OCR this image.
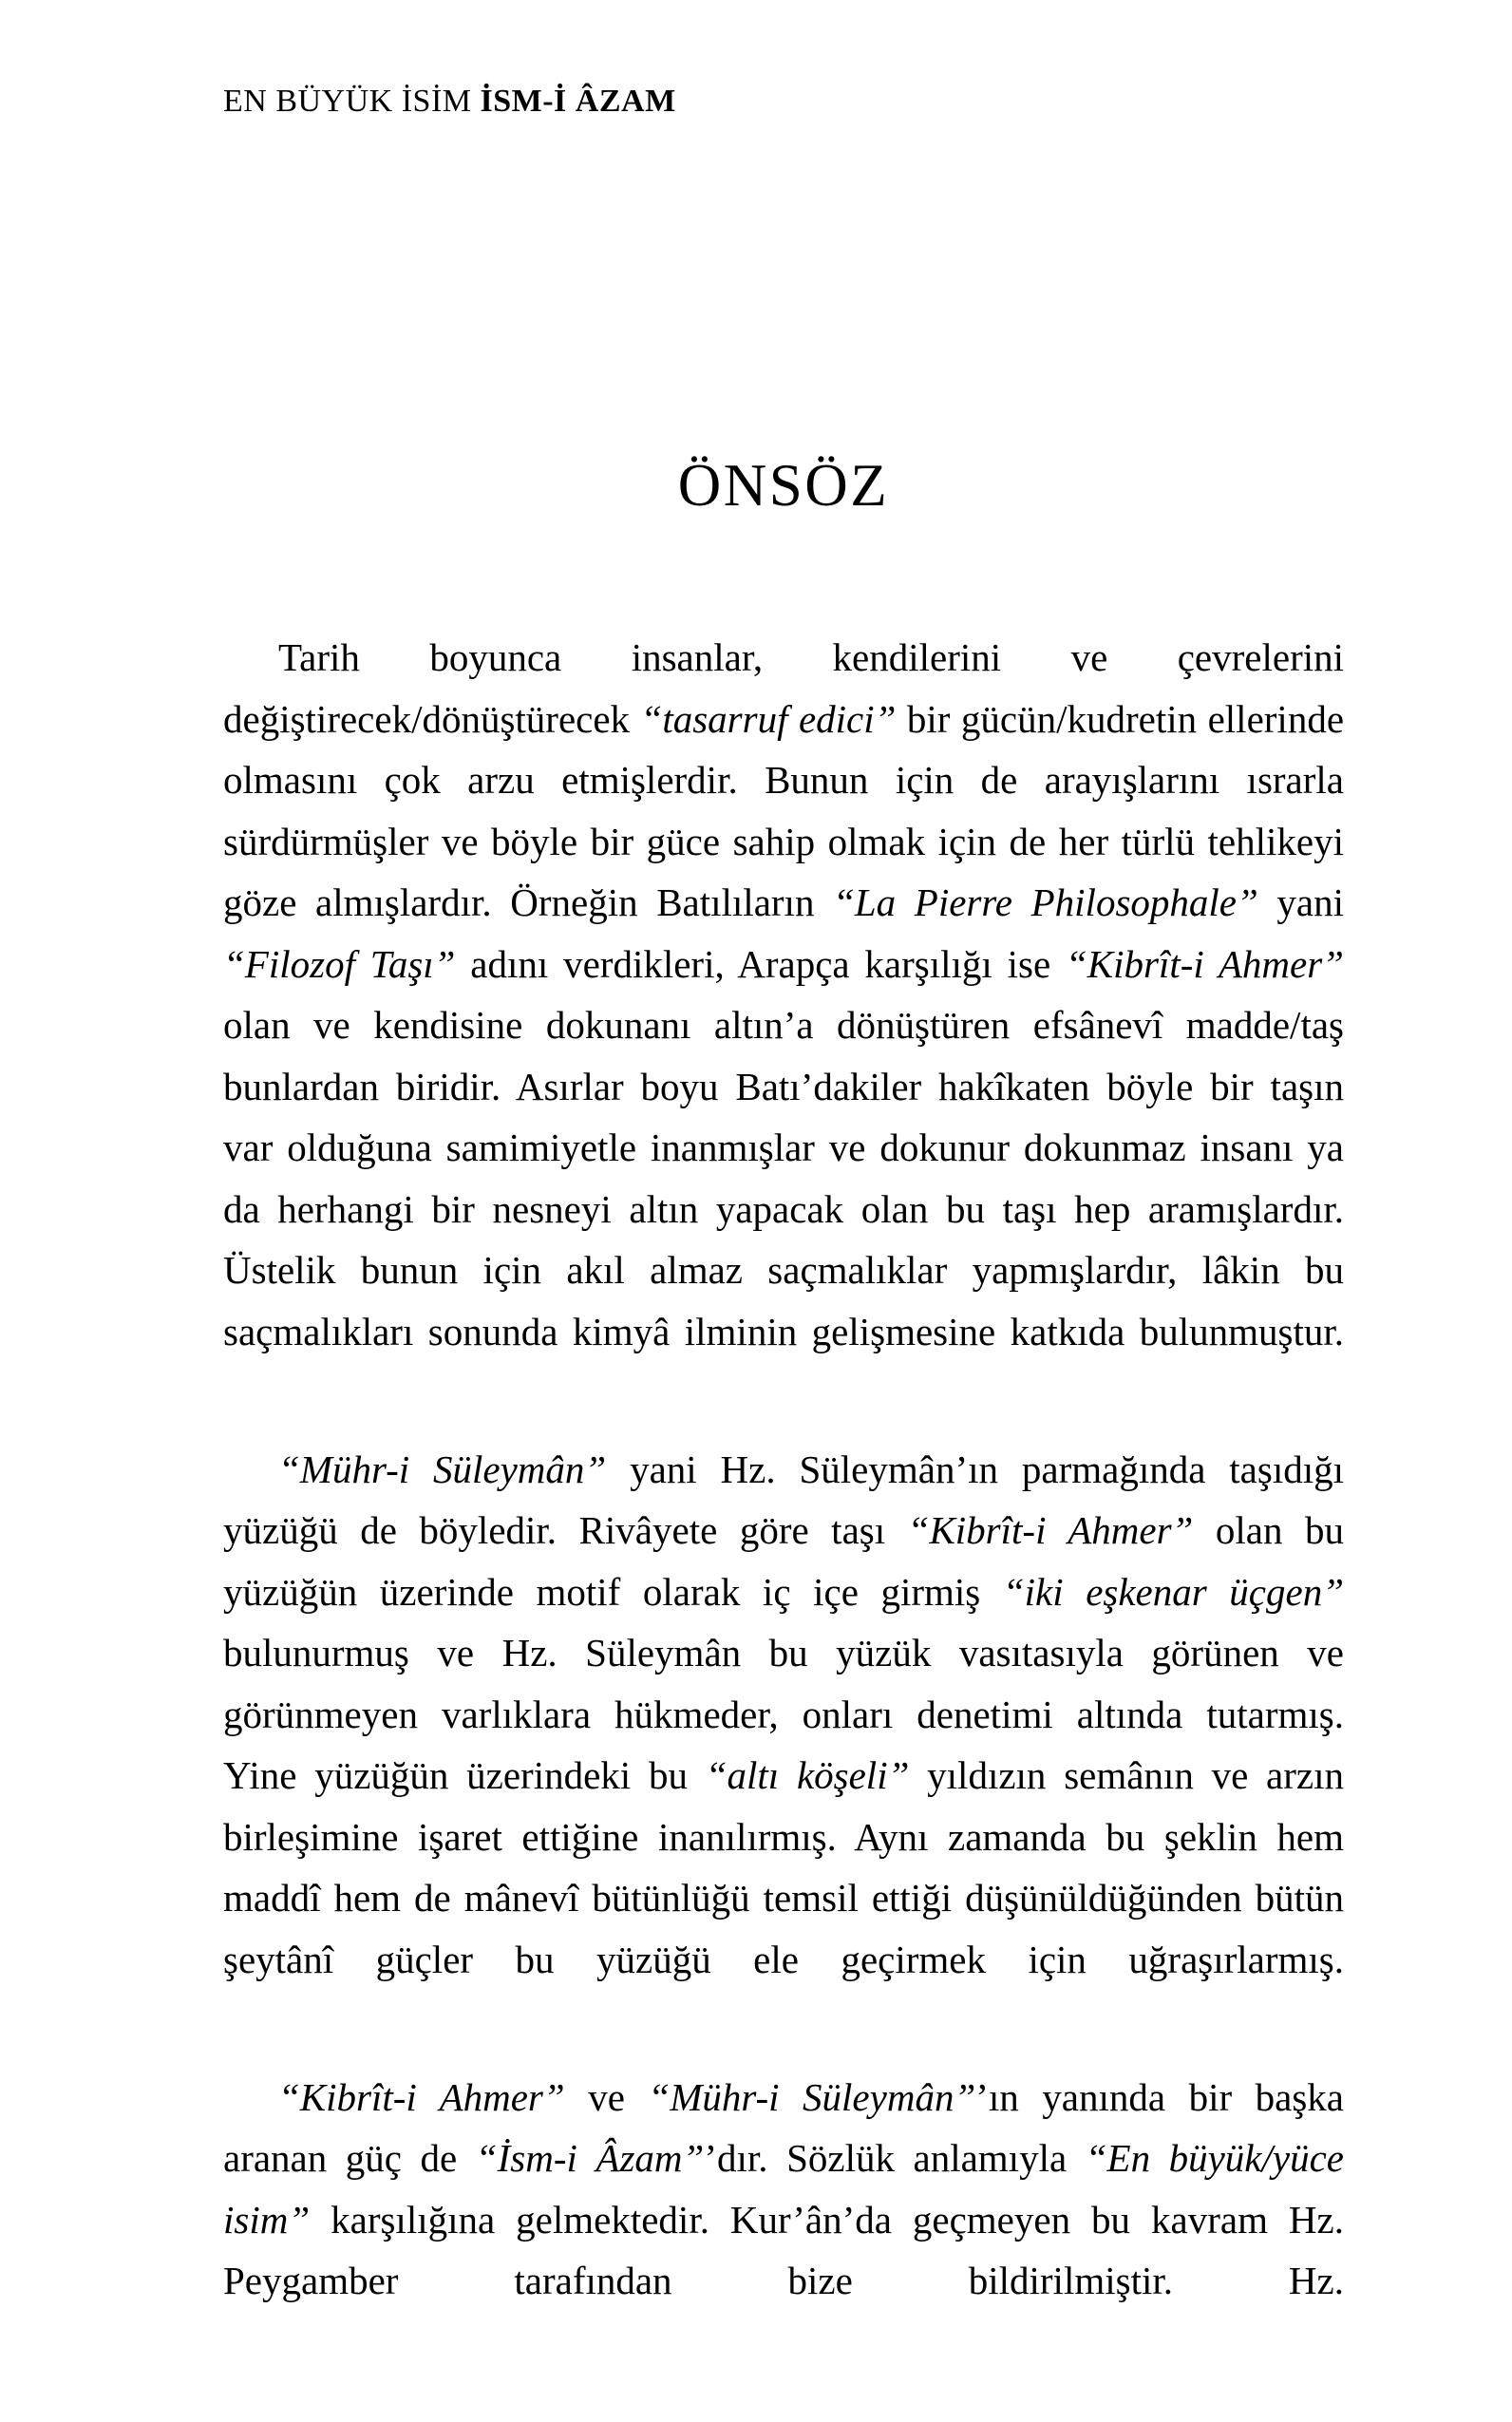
EN BÜYÜK İSİM İSM-İ ÂZAM
ÖNSÖZ

Tarih boyunca insanlar, kendilerini ve çevrelerini değiştirecek/dönüştürecek “tasarruf edici” bir gücün/kudretin ellerinde olmasını çok arzu etmişlerdir. Bunun için de arayışlarını ısrarla sürdürmüşler ve böyle bir güce sahip olmak için de her türlü tehlikeyi göze almışlardır. Örneğin Batılıların “La Pierre Philosophale” yani “Filozof Taşı” adını verdikleri, Arapça karşılığı ise “Kibrît-i Ahmer” olan ve kendisine dokunanı altın’a dönüştüren efsânevî madde/taş bunlardan biridir. Asırlar boyu Batı’dakiler hakîkaten böyle bir taşın var olduğuna samimiyetle inanmışlar ve dokunur dokunmaz insanı ya da herhangi bir nesneyi altın yapacak olan bu taşı hep aramışlardır. Üstelik bunun için akıl almaz saçmalıklar yapmışlardır, lâkin bu saçmalıkları sonunda kimyâ ilminin gelişmesine katkıda bulunmuştur.

“Mühr-i Süleymân” yani Hz. Süleymân’ın parmağında taşıdığı yüzüğü de böyledir. Rivâyete göre taşı “Kibrît-i Ahmer” olan bu yüzüğün üzerinde motif olarak iç içe girmiş “iki eşkenar üçgen” bulunurmuş ve Hz. Süleymân bu yüzük vasıtasıyla görünen ve görünmeyen varlıklara hükmeder, onları denetimi altında tutarmış. Yine yüzüğün üzerindeki bu “altı köşeli” yıldızın semânın ve arzın birleşimine işaret ettiğine inanılırmış. Aynı zamanda bu şeklin hem maddî hem de mânevî bütünlüğü temsil ettiği düşünüldüğünden bütün şeytânî güçler bu yüzüğü ele geçirmek için uğraşırlarmış.

“Kibrît-i Ahmer” ve “Mühr-i Süleymân”’ın yanında bir başka aranan güç de “İsm-i Âzam”’dır. Sözlük anlamıyla “En büyük/yüce isim” karşılığına gelmektedir. Kur’ân’da geçmeyen bu kavram Hz. Peygamber tarafından bize bildirilmiştir. Hz.
